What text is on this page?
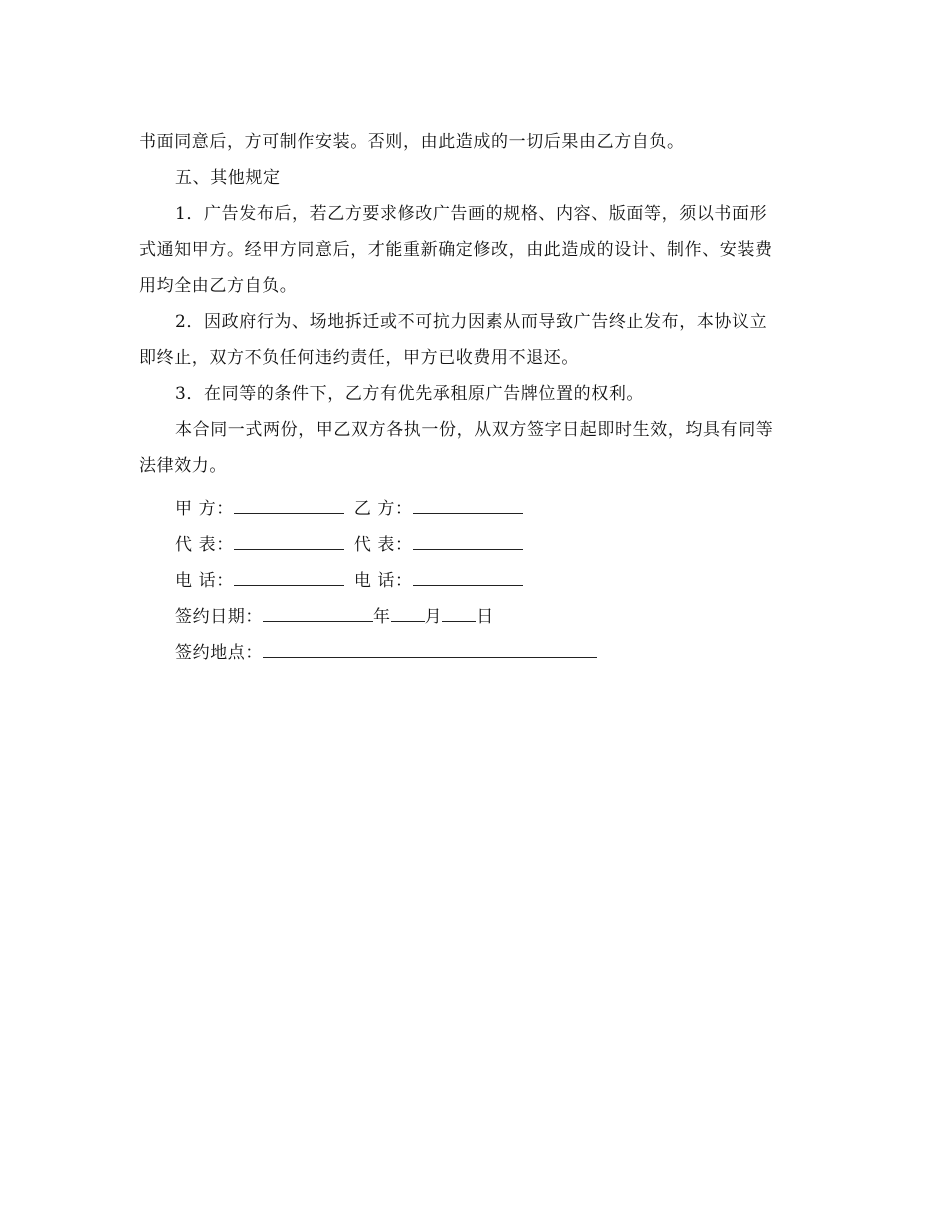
书面同意后，方可制作安装。否则，由此造成的一切后果由乙方自负。
五、其他规定
1．广告发布后，若乙方要求修改广告画的规格、内容、版面等，须以书面形
式通知甲方。经甲方同意后，才能重新确定修改，由此造成的设计、制作、安装费
用均全由乙方自负。
2．因政府行为、场地拆迁或不可抗力因素从而导致广告终止发布，本协议立
即终止，双方不负任何违约责任，甲方已收费用不退还。
3．在同等的条件下，乙方有优先承租原广告牌位置的权利。
本合同一式两份，甲乙双方各执一份，从双方签字日起即时生效，均具有同等
法律效力。
甲 方：	乙 方：
代 表：	代 表：
电 话：	电 话：
签约日期：	年 月 日
签约地点：
